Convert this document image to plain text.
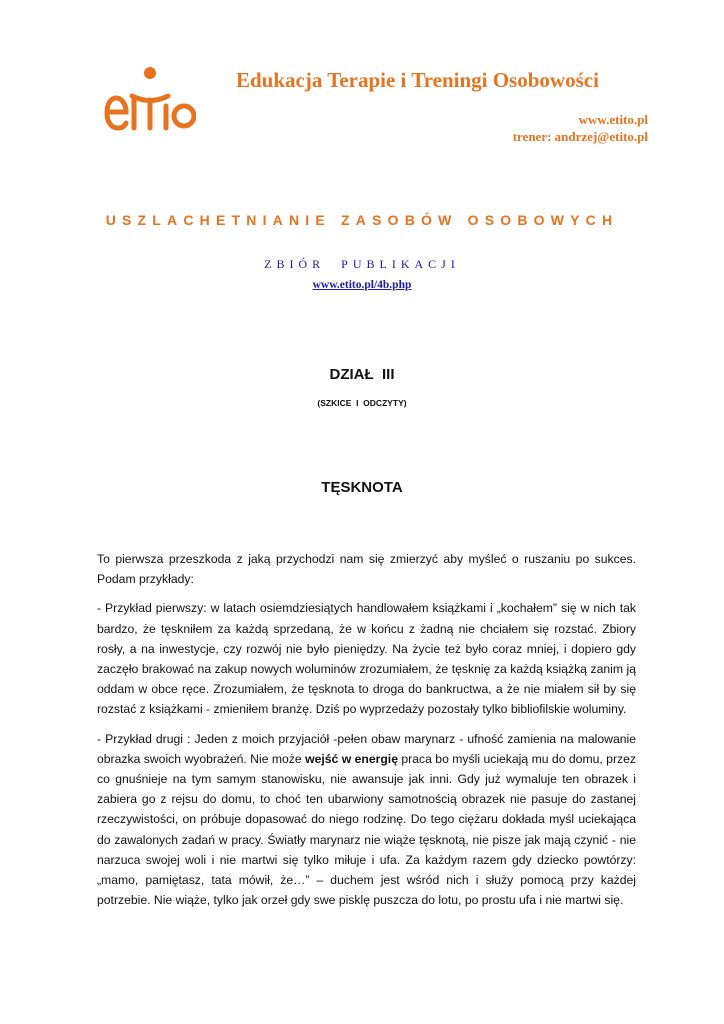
etito
Edukacja Terapie i Treningi Osobowości
www.etito.pl
trener: andrzej@etito.pl
USZLACHETNIANIE ZASOBÓW OSOBOWYCH
ZBIÓR  PUBLIKACJI
www.etito.pl/4b.php
DZIAŁ  III
(SZKICE  I  ODCZYTY)
TĘSKNOTA

To pierwsza przeszkoda z jaką przychodzi nam się zmierzyć aby myśleć o ruszaniu po sukces. Podam przykłady:

- Przykład pierwszy: w latach osiemdziesiątych handlowałem książkami i „kochałem” się w nich tak bardzo, że tęskniłem za każdą sprzedaną, że w końcu z żadną nie chciałem się rozstać. Zbiory rosły, a na inwestycje, czy rozwój nie było pieniędzy. Na życie też było coraz mniej, i dopiero gdy zaczęło brakować na zakup nowych woluminów zrozumiałem, że tęsknię za każdą książką zanim ją oddam w obce ręce. Zrozumiałem, że tęsknota to droga do bankructwa, a że nie miałem sił by się rozstać z książkami - zmieniłem branżę. Dziś po wyprzedaży pozostały tylko bibliofilskie woluminy.

- Przykład drugi : Jeden z moich przyjaciół -pełen obaw marynarz - ufność zamienia na malowanie obrazka swoich wyobrażeń. Nie może wejść w energię praca bo myśli uciekają mu do domu, przez co gnuśnieje na tym samym stanowisku, nie awansuje jak inni. Gdy już wymaluje ten obrazek i zabiera go z rejsu do domu, to choć ten ubarwiony samotnością obrazek nie pasuje do zastanej rzeczywistości, on próbuje dopasować do niego rodzinę. Do tego ciężaru dokłada myśl uciekająca do zawalonych zadań w pracy. Światły marynarz nie wiąże tęsknotą, nie pisze jak mają czynić - nie narzuca swojej woli i nie martwi się tylko miłuje i ufa. Za każdym razem gdy dziecko powtórzy: „mamo, pamiętasz, tata mówił, że…” – duchem jest wśród nich i służy pomocą przy każdej potrzebie. Nie wiąże, tylko jak orzeł gdy swe pisklę puszcza do lotu, po prostu ufa i nie martwi się.
